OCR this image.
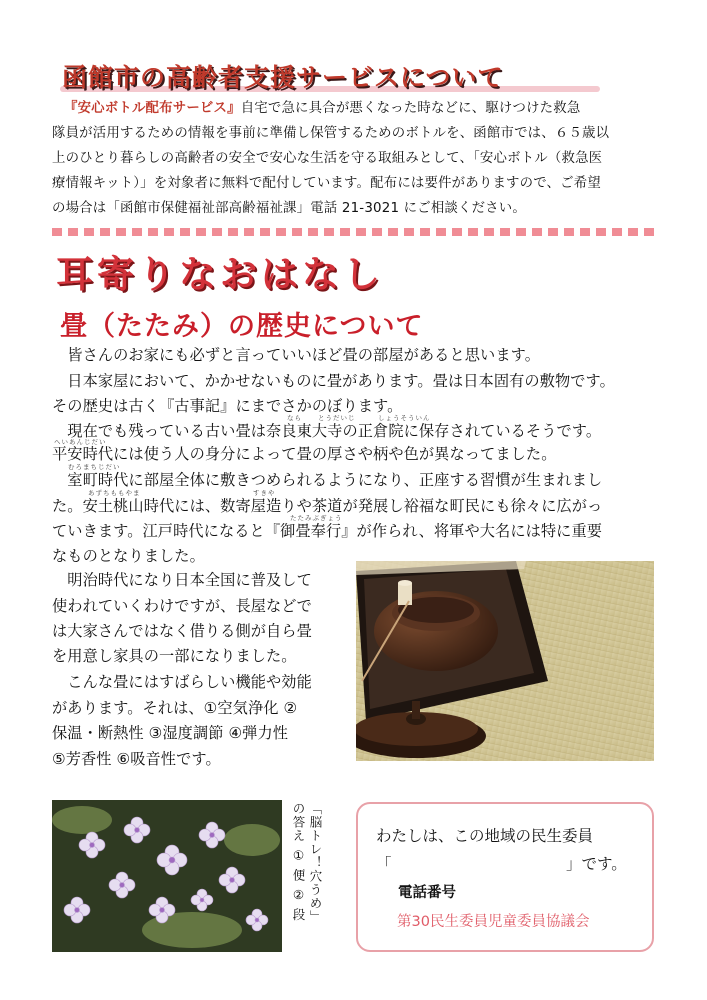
函館市の高齢者支援サービスについて
『安心ボトル配布サービス』自宅で急に具合が悪くなった時などに、駆けつけた救急
隊員が活用するための情報を事前に準備し保管するためのボトルを、函館市では、６５歳以
上のひとり暮らしの高齢者の安全で安心な生活を守る取組みとして、「安心ボトル（救急医
療情報キット）」を対象者に無料で配付しています。配布には要件がありますので、ご希望
の場合は「函館市保健福祉部高齢福祉課」電話 21-3021 にご相談ください。
耳寄りなおはなし
畳（たたみ）の歴史について
　皆さんのお家にも必ずと言っていいほど畳の部屋があると思います。
　日本家屋において、かかせないものに畳があります。畳は日本固有の敷物です。
その歴史は古く『古事記』にまでさかのぼります。
　現在でも残っている古い畳は奈良東大寺の正倉院に保存されているそうです。
平安時代には使う人の身分によって畳の厚さや柄や色が異なってました。
　室町時代に部屋全体に敷きつめられるようになり、正座する習慣が生まれまし
た。安土桃山時代には、数寄屋造りや茶道が発展し裕福な町民にも徐々に広がっ
ていきます。江戸時代になると『御畳奉行』が作られ、将軍や大名には特に重要
なものとなりました。
なら とうだいじ	しょうそういん
へいあんじだい
むろまちじだい
あずちももやま	すきや
たたみぶぎょう
　明治時代になり日本全国に普及して
使われていくわけですが、長屋などで
は大家さんではなく借りる側が自ら畳
を用意し家具の一部になりました。
　こんな畳にはすばらしい機能や効能
があります。それは、①空気浄化 ②
保温・断熱性 ③湿度調節 ④弾力性
⑤芳香性 ⑥吸音性です。
「脳トレ！穴うめ」
の答え ① 便 ② 段	わたしは、この地域の民生委員
「	」です。
電話番号
第30民生委員児童委員協議会
